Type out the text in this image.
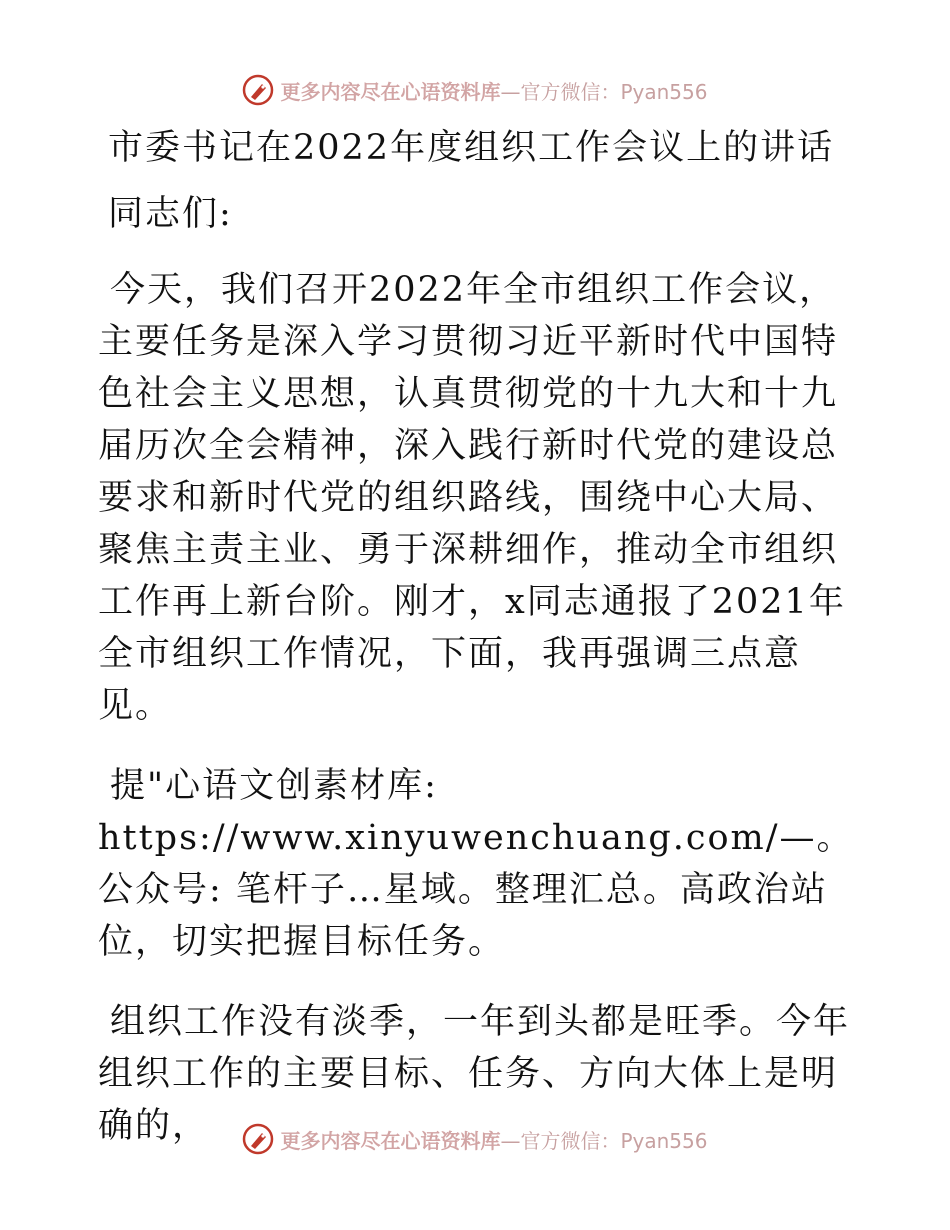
更多内容尽在心语资料库 —官方微信：Pyan556

市委书记在2022年度组织工作会议上的讲话

同志们:

今天，我们召开2022年全市组织工作会议，主要任务是深入学习贯彻习近平新时代中国特色社会主义思想，认真贯彻党的十九大和十九届历次全会精神，深入践行新时代党的建设总要求和新时代党的组织路线，围绕中心大局、聚焦主责主业、勇于深耕细作，推动全市组织工作再上新台阶。刚才，x同志通报了2021年全市组织工作情况，下面，我再强调三点意见。

提"心语文创素材库: https://www.xinyuwenchuang.com/—。公众号: 笔杆子…星域。整理汇总。高政治站位，切实把握目标任务。

组织工作没有淡季，一年到头都是旺季。今年组织工作的主要目标、任务、方向大体上是明确的，	更多内容尽在心语资料库 —官方微信：Pyan556
